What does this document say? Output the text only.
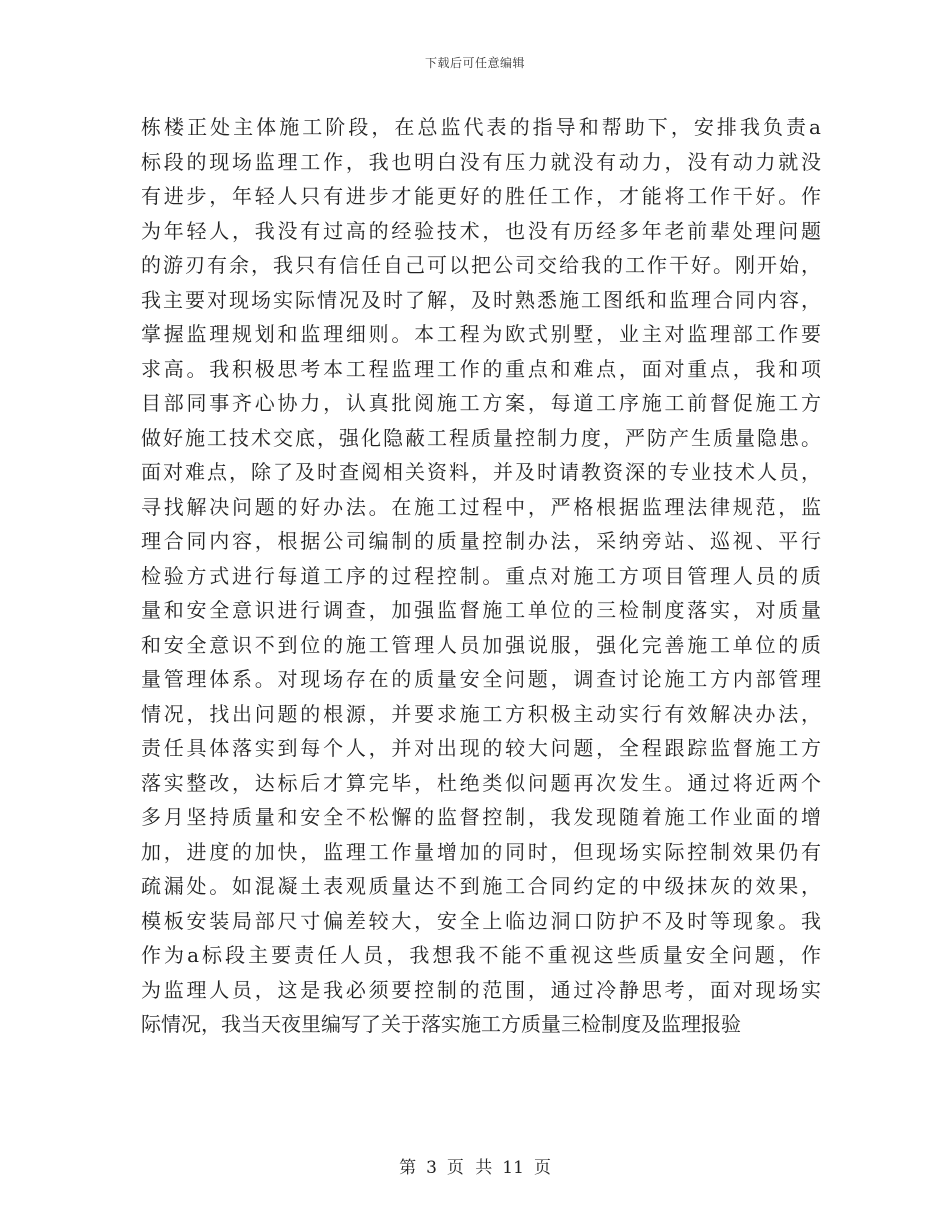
下载后可任意编辑
栋楼正处主体施工阶段，在总监代表的指导和帮助下，安排我负责a
标段的现场监理工作，我也明白没有压力就没有动力，没有动力就没
有进步，年轻人只有进步才能更好的胜任工作，才能将工作干好。作
为年轻人，我没有过高的经验技术，也没有历经多年老前辈处理问题
的游刃有余，我只有信任自己可以把公司交给我的工作干好。刚开始，
我主要对现场实际情况及时了解，及时熟悉施工图纸和监理合同内容，
掌握监理规划和监理细则。本工程为欧式别墅，业主对监理部工作要
求高。我积极思考本工程监理工作的重点和难点，面对重点，我和项
目部同事齐心协力，认真批阅施工方案，每道工序施工前督促施工方
做好施工技术交底，强化隐蔽工程质量控制力度，严防产生质量隐患。
面对难点，除了及时查阅相关资料，并及时请教资深的专业技术人员，
寻找解决问题的好办法。在施工过程中，严格根据监理法律规范，监
理合同内容，根据公司编制的质量控制办法，采纳旁站、巡视、平行
检验方式进行每道工序的过程控制。重点对施工方项目管理人员的质
量和安全意识进行调查，加强监督施工单位的三检制度落实，对质量
和安全意识不到位的施工管理人员加强说服，强化完善施工单位的质
量管理体系。对现场存在的质量安全问题，调查讨论施工方内部管理
情况，找出问题的根源，并要求施工方积极主动实行有效解决办法，
责任具体落实到每个人，并对出现的较大问题，全程跟踪监督施工方
落实整改，达标后才算完毕，杜绝类似问题再次发生。通过将近两个
多月坚持质量和安全不松懈的监督控制，我发现随着施工作业面的增
加，进度的加快，监理工作量增加的同时，但现场实际控制效果仍有
疏漏处。如混凝土表观质量达不到施工合同约定的中级抹灰的效果，
模板安装局部尺寸偏差较大，安全上临边洞口防护不及时等现象。我
作为a标段主要责任人员，我想我不能不重视这些质量安全问题，作
为监理人员，这是我必须要控制的范围，通过冷静思考，面对现场实
际情况，我当天夜里编写了关于落实施工方质量三检制度及监理报验
第 3 页 共 11 页
